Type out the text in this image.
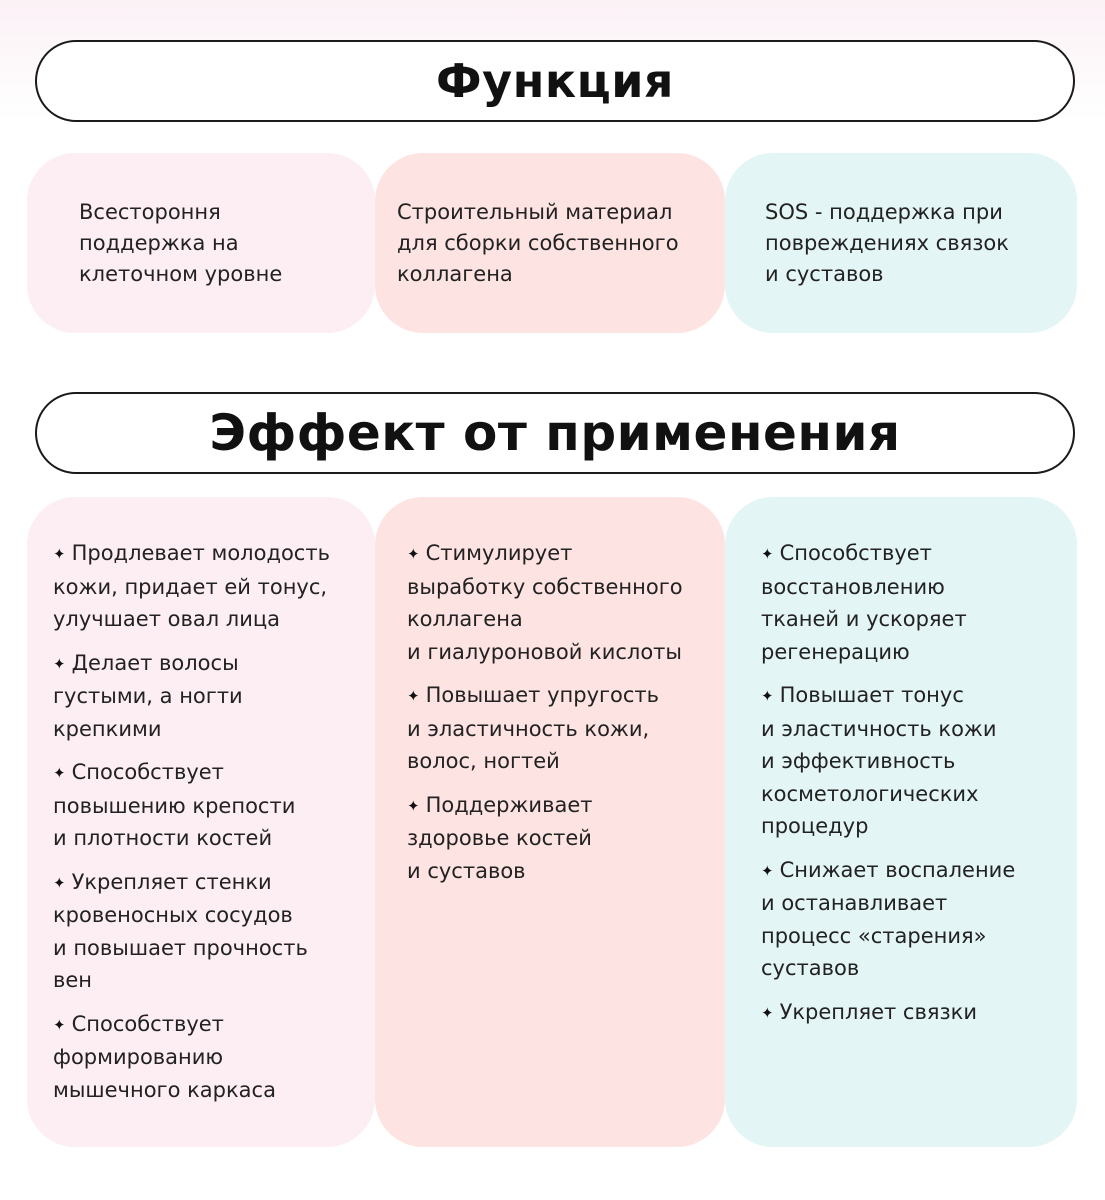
Функция
Всестороння
поддержка на
клеточном уровне
Строительный материал
для сборки собственного
коллагена
SOS - поддержка при
повреждениях связок
и суставов
Эффект от применения
✦ Продлевает молодость
кожи, придает ей тонус,
улучшает овал лица
✦ Делает волосы
густыми, а ногти
крепкими
✦ Способствует
повышению крепости
и плотности костей
✦ Укрепляет стенки
кровеносных сосудов
и повышает прочность
вен
✦ Способствует
формированию
мышечного каркаса
✦ Стимулирует
выработку собственного
коллагена
и гиалуроновой кислоты
✦ Повышает упругость
и эластичность кожи,
волос, ногтей
✦ Поддерживает
здоровье костей
и суставов
✦ Способствует
восстановлению
тканей и ускоряет
регенерацию
✦ Повышает тонус
и эластичность кожи
и эффективность
косметологических
процедур
✦ Снижает воспаление
и останавливает
процесс «старения»
суставов
✦ Укрепляет связки
